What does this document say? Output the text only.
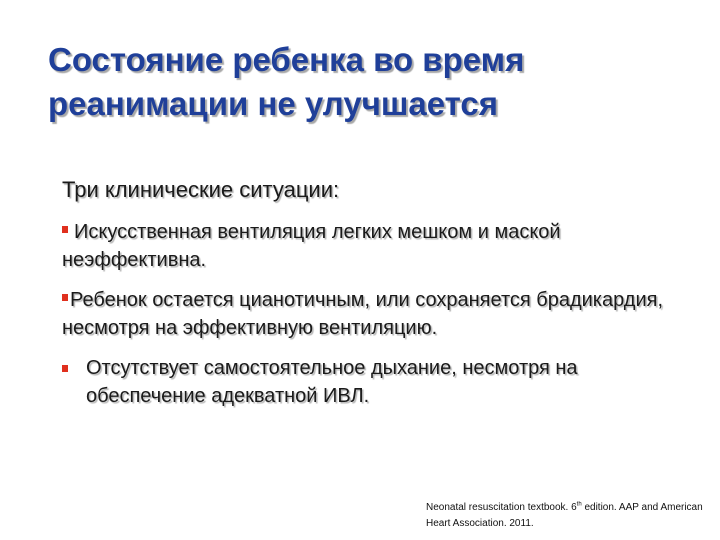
Состояние ребенка во время
реанимации не улучшается

Три клинические ситуации:

Искусственная вентиляция легких мешком и маской неэффективна.

Ребенок остается цианотичным, или сохраняется брадикардия, несмотря на эффективную вентиляцию.

Отсутствует самостоятельное дыхание, несмотря на обеспечение адекватной ИВЛ.

Neonatal resuscitation textbook. 6th edition. AAP and American Heart Association. 2011.
